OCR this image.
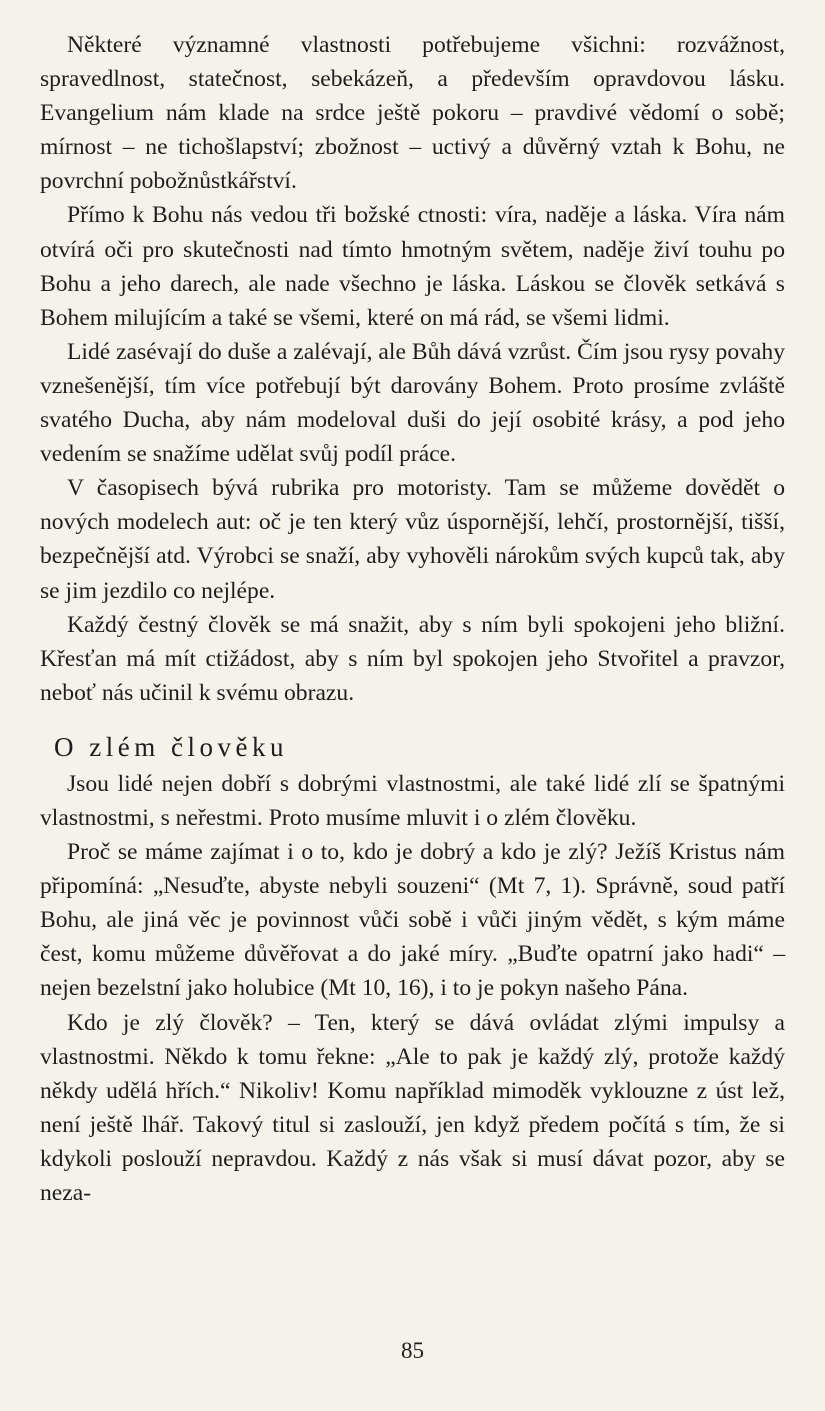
Některé významné vlastnosti potřebujeme všichni: rozvážnost, spravedlnost, statečnost, sebekázeň, a především opravdovou lásku. Evangelium nám klade na srdce ještě pokoru – pravdivé vědomí o sobě; mírnost – ne tichošlapství; zbožnost – uctivý a důvěrný vztah k Bohu, ne povrchní pobožnůstkářství.

Přímo k Bohu nás vedou tři božské ctnosti: víra, naděje a láska. Víra nám otvírá oči pro skutečnosti nad tímto hmotným světem, naděje živí touhu po Bohu a jeho darech, ale nade všechno je láska. Láskou se člověk setkává s Bohem milujícím a také se všemi, které on má rád, se všemi lidmi.

Lidé zasévají do duše a zalévají, ale Bůh dává vzrůst. Čím jsou rysy povahy vznešenější, tím více potřebují být darovány Bohem. Proto prosíme zvláště svatého Ducha, aby nám modeloval duši do její osobité krásy, a pod jeho vedením se snažíme udělat svůj podíl práce.

V časopisech bývá rubrika pro motoristy. Tam se můžeme dovědět o nových modelech aut: oč je ten který vůz úspornější, lehčí, prostornější, tišší, bezpečnější atd. Výrobci se snaží, aby vyhověli nárokům svých kupců tak, aby se jim jezdilo co nejlépe.

Každý čestný člověk se má snažit, aby s ním byli spokojeni jeho bližní. Křesťan má mít ctižádost, aby s ním byl spokojen jeho Stvořitel a pravzor, neboť nás učinil k svému obrazu.

O zlém člověku

Jsou lidé nejen dobří s dobrými vlastnostmi, ale také lidé zlí se špatnými vlastnostmi, s neřestmi. Proto musíme mluvit i o zlém člověku.

Proč se máme zajímat i o to, kdo je dobrý a kdo je zlý? Ježíš Kristus nám připomíná: „Nesuďte, abyste nebyli souzeni“ (Mt 7, 1). Správně, soud patří Bohu, ale jiná věc je povinnost vůči sobě i vůči jiným vědět, s kým máme čest, komu můžeme důvěřovat a do jaké míry. „Buďte opatrní jako hadi“ – nejen bezelstní jako holubice (Mt 10, 16), i to je pokyn našeho Pána.

Kdo je zlý člověk? – Ten, který se dává ovládat zlými impulsy a vlastnostmi. Někdo k tomu řekne: „Ale to pak je každý zlý, protože každý někdy udělá hřích.“ Nikoliv! Komu například mimoděk vyklouzne z úst lež, není ještě lhář. Takový titul si zaslouží, jen když předem počítá s tím, že si kdykoli poslouží nepravdou. Každý z nás však si musí dávat pozor, aby se neza-

85
